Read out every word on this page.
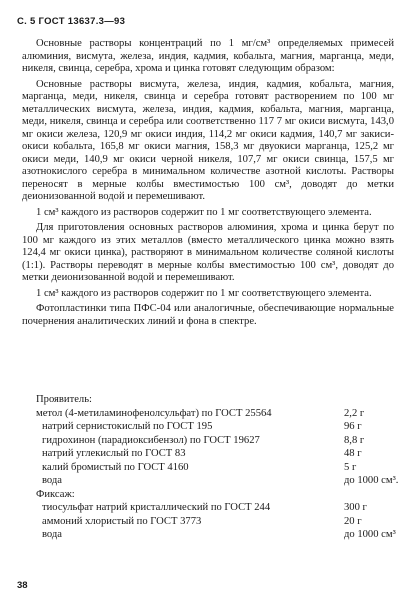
С. 5 ГОСТ 13637.3—93

Основные растворы концентраций по 1 мг/см³ определяемых примесей алюминия, висмута, железа, индия, кадмия, кобальта, магния, марганца, меди, никеля, свинца, серебра, хрома и цинка готовят следующим образом:

Основные растворы висмута, железа, индия, кадмия, кобальта, магния, марганца, меди, никеля, свинца и серебра готовят растворением по 100 мг металлических висмута, железа, индия, кадмия, кобальта, магния, марганца, меди, никеля, свинца и серебра или соответственно 117 7 мг окиси висмута, 143,0 мг окиси железа, 120,9 мг окиси индия, 114,2 мг окиси кадмия, 140,7 мг закиси-окиси кобальта, 165,8 мг окиси магния, 158,3 мг двуокиси марганца, 125,2 мг окиси меди, 140,9 мг окиси черной никеля, 107,7 мг окиси свинца, 157,5 мг азотнокислого серебра в минимальном количестве азотной кислоты. Растворы переносят в мерные колбы вместимостью 100 см³, доводят до метки деионизованной водой и перемешивают.

1 см³ каждого из растворов содержит по 1 мг соответствующего элемента.

Для приготовления основных растворов алюминия, хрома и цинка берут по 100 мг каждого из этих металлов (вместо металлического цинка можно взять 124,4 мг окиси цинка), растворяют в минимальном количестве соляной кислоты (1:1). Растворы переводят в мерные колбы вместимостью 100 см³, доводят до метки деионизованной водой и перемешивают.

1 см³ каждого из растворов содержит по 1 мг соответствующего элемента.

Фотопластинки типа ПФС-04 или аналогичные, обеспечивающие нормальные почернения аналитических линий и фона в спектре.

Проявитель:
метол (4-метиламинофенолсульфат) по ГОСТ 25564	2,2 г
натрий сернистокислый по ГОСТ 195	96 г
гидрохинон (парадиоксибензол) по ГОСТ 19627	8,8 г
натрий углекислый по ГОСТ 83	48 г
калий бромистый по ГОСТ 4160	5 г
вода	до 1000 см³.
Фиксаж:
тиосульфат натрий кристаллический по ГОСТ 244	300 г
аммоний хлористый по ГОСТ 3773	20 г
вода	до 1000 см³
38
